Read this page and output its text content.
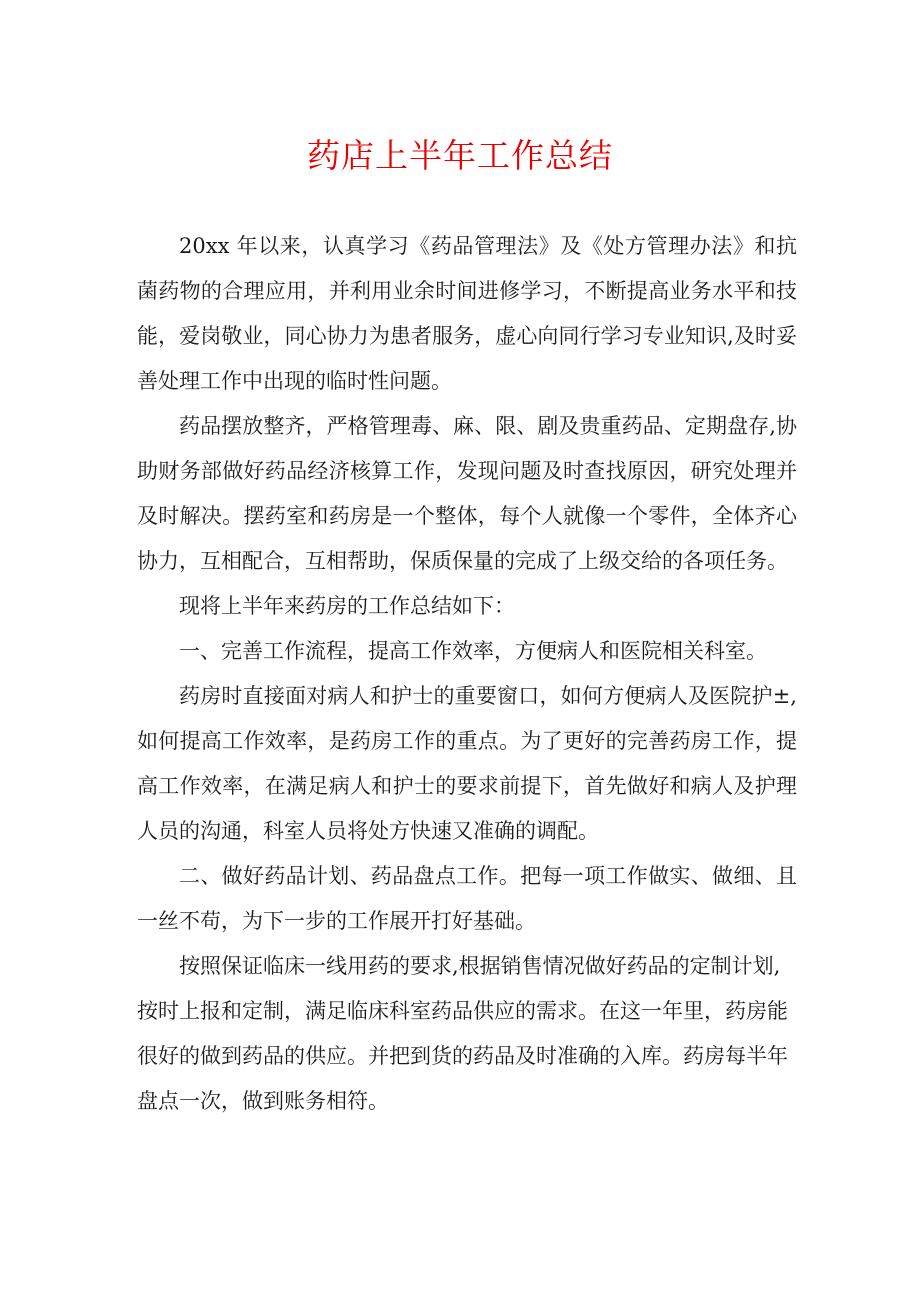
药店上半年工作总结

20xx 年以来，认真学习《药品管理法》及《处方管理办法》和抗菌药物的合理应用，并利用业余时间进修学习，不断提高业务水平和技能，爱岗敬业，同心协力为患者服务，虚心向同行学习专业知识,及时妥善处理工作中出现的临时性问题。

药品摆放整齐，严格管理毒、麻、限、剧及贵重药品、定期盘存,协助财务部做好药品经济核算工作，发现问题及时查找原因，研究处理并及时解决。摆药室和药房是一个整体，每个人就像一个零件，全体齐心协力，互相配合，互相帮助，保质保量的完成了上级交给的各项任务。

现将上半年来药房的工作总结如下：

一、完善工作流程，提高工作效率，方便病人和医院相关科室。

药房时直接面对病人和护士的重要窗口，如何方便病人及医院护±,如何提高工作效率，是药房工作的重点。为了更好的完善药房工作，提高工作效率，在满足病人和护士的要求前提下，首先做好和病人及护理人员的沟通，科室人员将处方快速又准确的调配。

二、做好药品计划、药品盘点工作。把每一项工作做实、做细、且一丝不苟，为下一步的工作展开打好基础。

按照保证临床一线用药的要求,根据销售情况做好药品的定制计划,按时上报和定制，满足临床科室药品供应的需求。在这一年里，药房能很好的做到药品的供应。并把到货的药品及时准确的入库。药房每半年盘点一次，做到账务相符。
